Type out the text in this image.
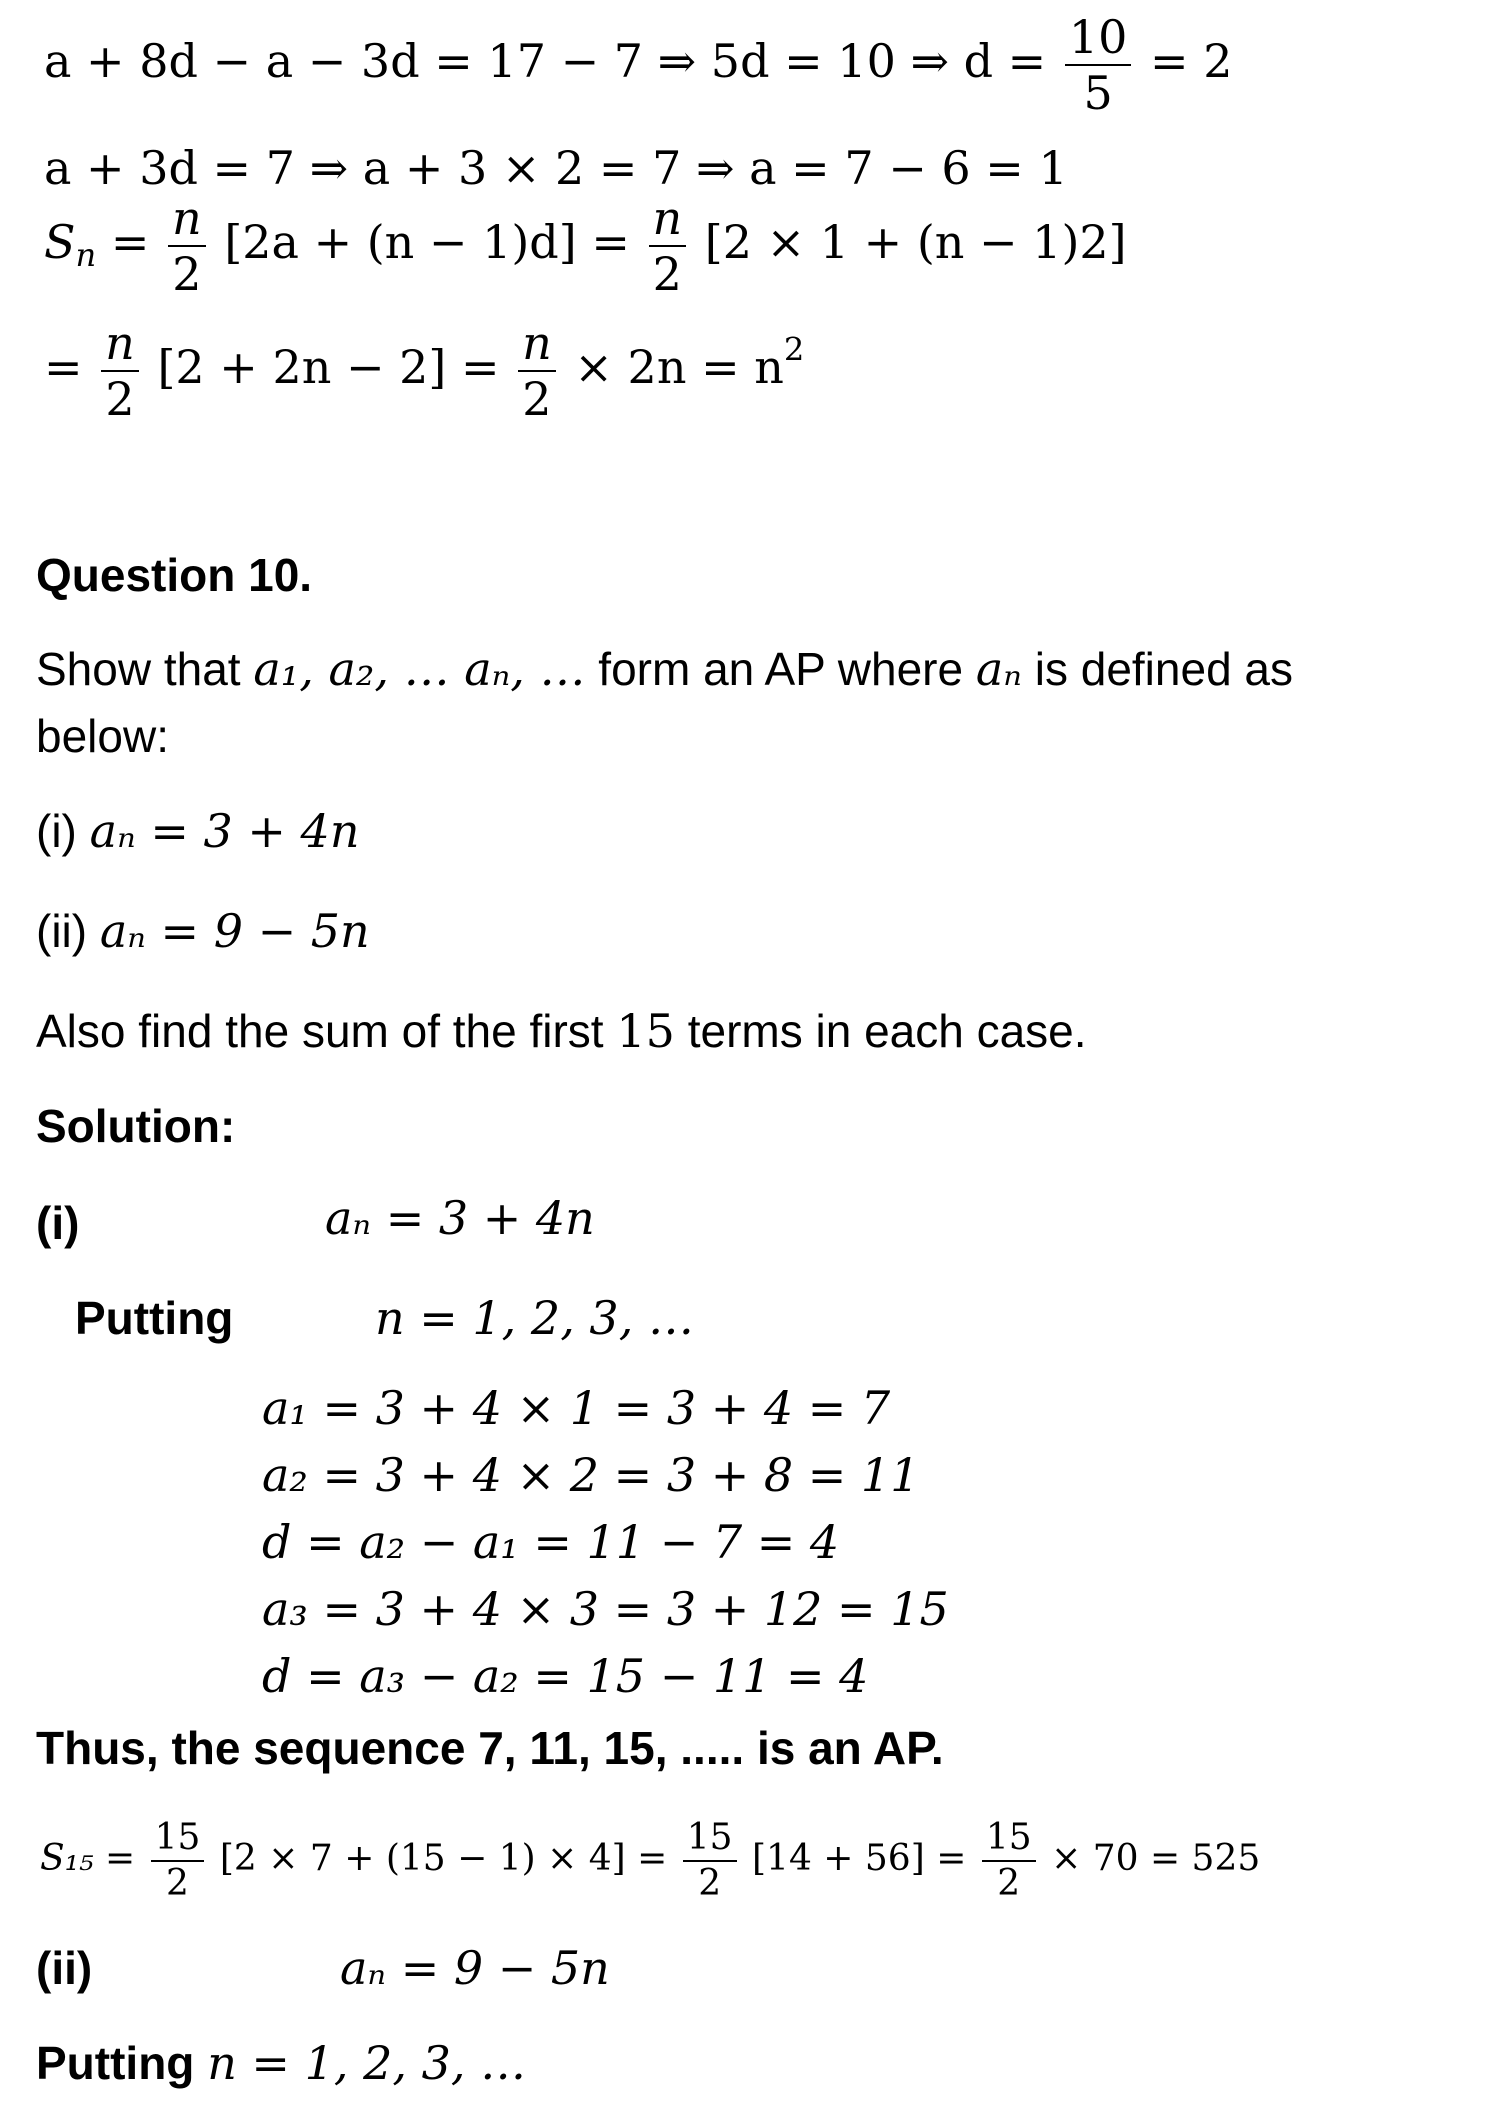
a + 8d − a − 3d = 17 − 7 ⇒ 5d = 10 ⇒ $d = \frac{10}{5} = 2$
a + 3d = 7 ⇒ a + 3 × 2 = 7 ⇒ a = 7 − 6 = 1
$S_n = \frac{n}{2} [2a + (n - 1)d] = \frac{n}{2} [2 \times 1 + (n - 1)2]$
= $\frac{n}{2} [2 + 2n - 2] = \frac{n}{2} \times 2n = n^2$
Question 10.
Show that a₁, a₂, … aₙ, … form an AP where aₙ is defined as
below:
(i) aₙ = 3 + 4n
(ii) aₙ = 9 − 5n
Also find the sum of the first 15 terms in each case.
Solution:
(i)	aₙ = 3 + 4n
Putting	n = 1, 2, 3, …
a₁ = 3 + 4 × 1 = 3 + 4 = 7
a₂ = 3 + 4 × 2 = 3 + 8 = 11
d = a₂ − a₁ = 11 − 7 = 4
a₃ = 3 + 4 × 3 = 3 + 12 = 15
d = a₃ − a₂ = 15 − 11 = 4
Thus, the sequence 7, 11, 15, ..... is an AP.
$S_{15} = \frac{15}{2} [2 \times 7 + (15 - 1) \times 4] = \frac{15}{2} [14 + 56] = \frac{15}{2} \times 70 = 525$
(ii)	aₙ = 9 − 5n
Putting n = 1, 2, 3, …
